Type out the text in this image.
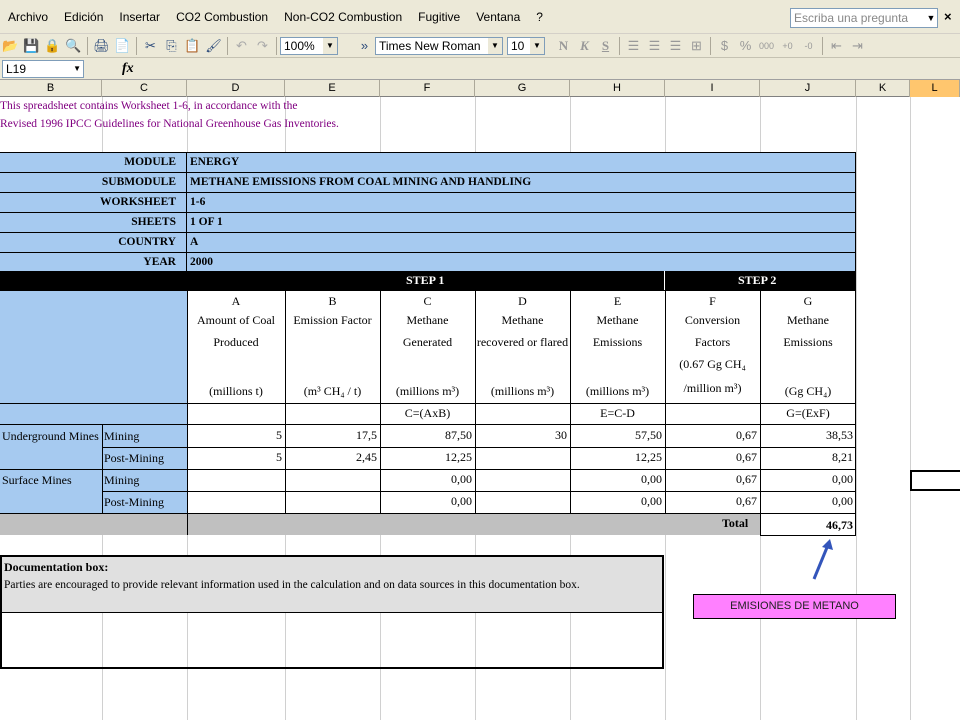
Archivo	Edición	Insertar	CO2 Combustion	Non-CO2 Combustion	Fugitive	Ventana	?	Escriba una pregunta	▼ ×
📂 💾 🔒 🔍 🖨 📄	✂ ⎘ 📋 🖌	↶ ↷	100%	▼	» Times New Roman	▼	10	▼	N K	S	☰ ☰ ☰ ⊞	$ % 000 +0	-0	⇤ ⇥
L19	▼	fx
B	C	D	E	F	G	H	I	J	K	L
This spreadsheet contains Worksheet 1-6, in accordance with the
Revised 1996 IPCC Guidelines for National Greenhouse Gas Inventories.
MODULE	ENERGY
SUBMODULE	METHANE EMISSIONS FROM COAL MINING AND HANDLING
WORKSHEET	1-6
SHEETS	1 OF 1
COUNTRY	A
YEAR	2000
STEP 1	STEP 2
A
Amount of Coal
Produced
(millions t)
B
Emission Factor
(m³ CH₄ / t)
C
Methane
Generated
(millions m³)
C=(AxB)
D
Methane
recovered or flared
(millions m³)
E
Methane
Emissions
(millions m³)
E=C-D
F
Conversion
Factors
(0.67 Gg CH₄
/million m³)
G
Methane
Emissions
(Gg CH₄)
G=(ExF)
Underground Mines Mining
Post-Mining
Surface Mines	Mining
Post-Mining
5	17,5	87,50	30	57,50	0,67	38,53
5	2,45	12,25	12,25	0,67	8,21
0,00	0,00	0,67	0,00
0,00	0,00	0,67	0,00
Total	46,73
Documentation box:
Parties are encouraged to provide relevant information used in the calculation and on data sources in this documentation box.
EMISIONES DE METANO
